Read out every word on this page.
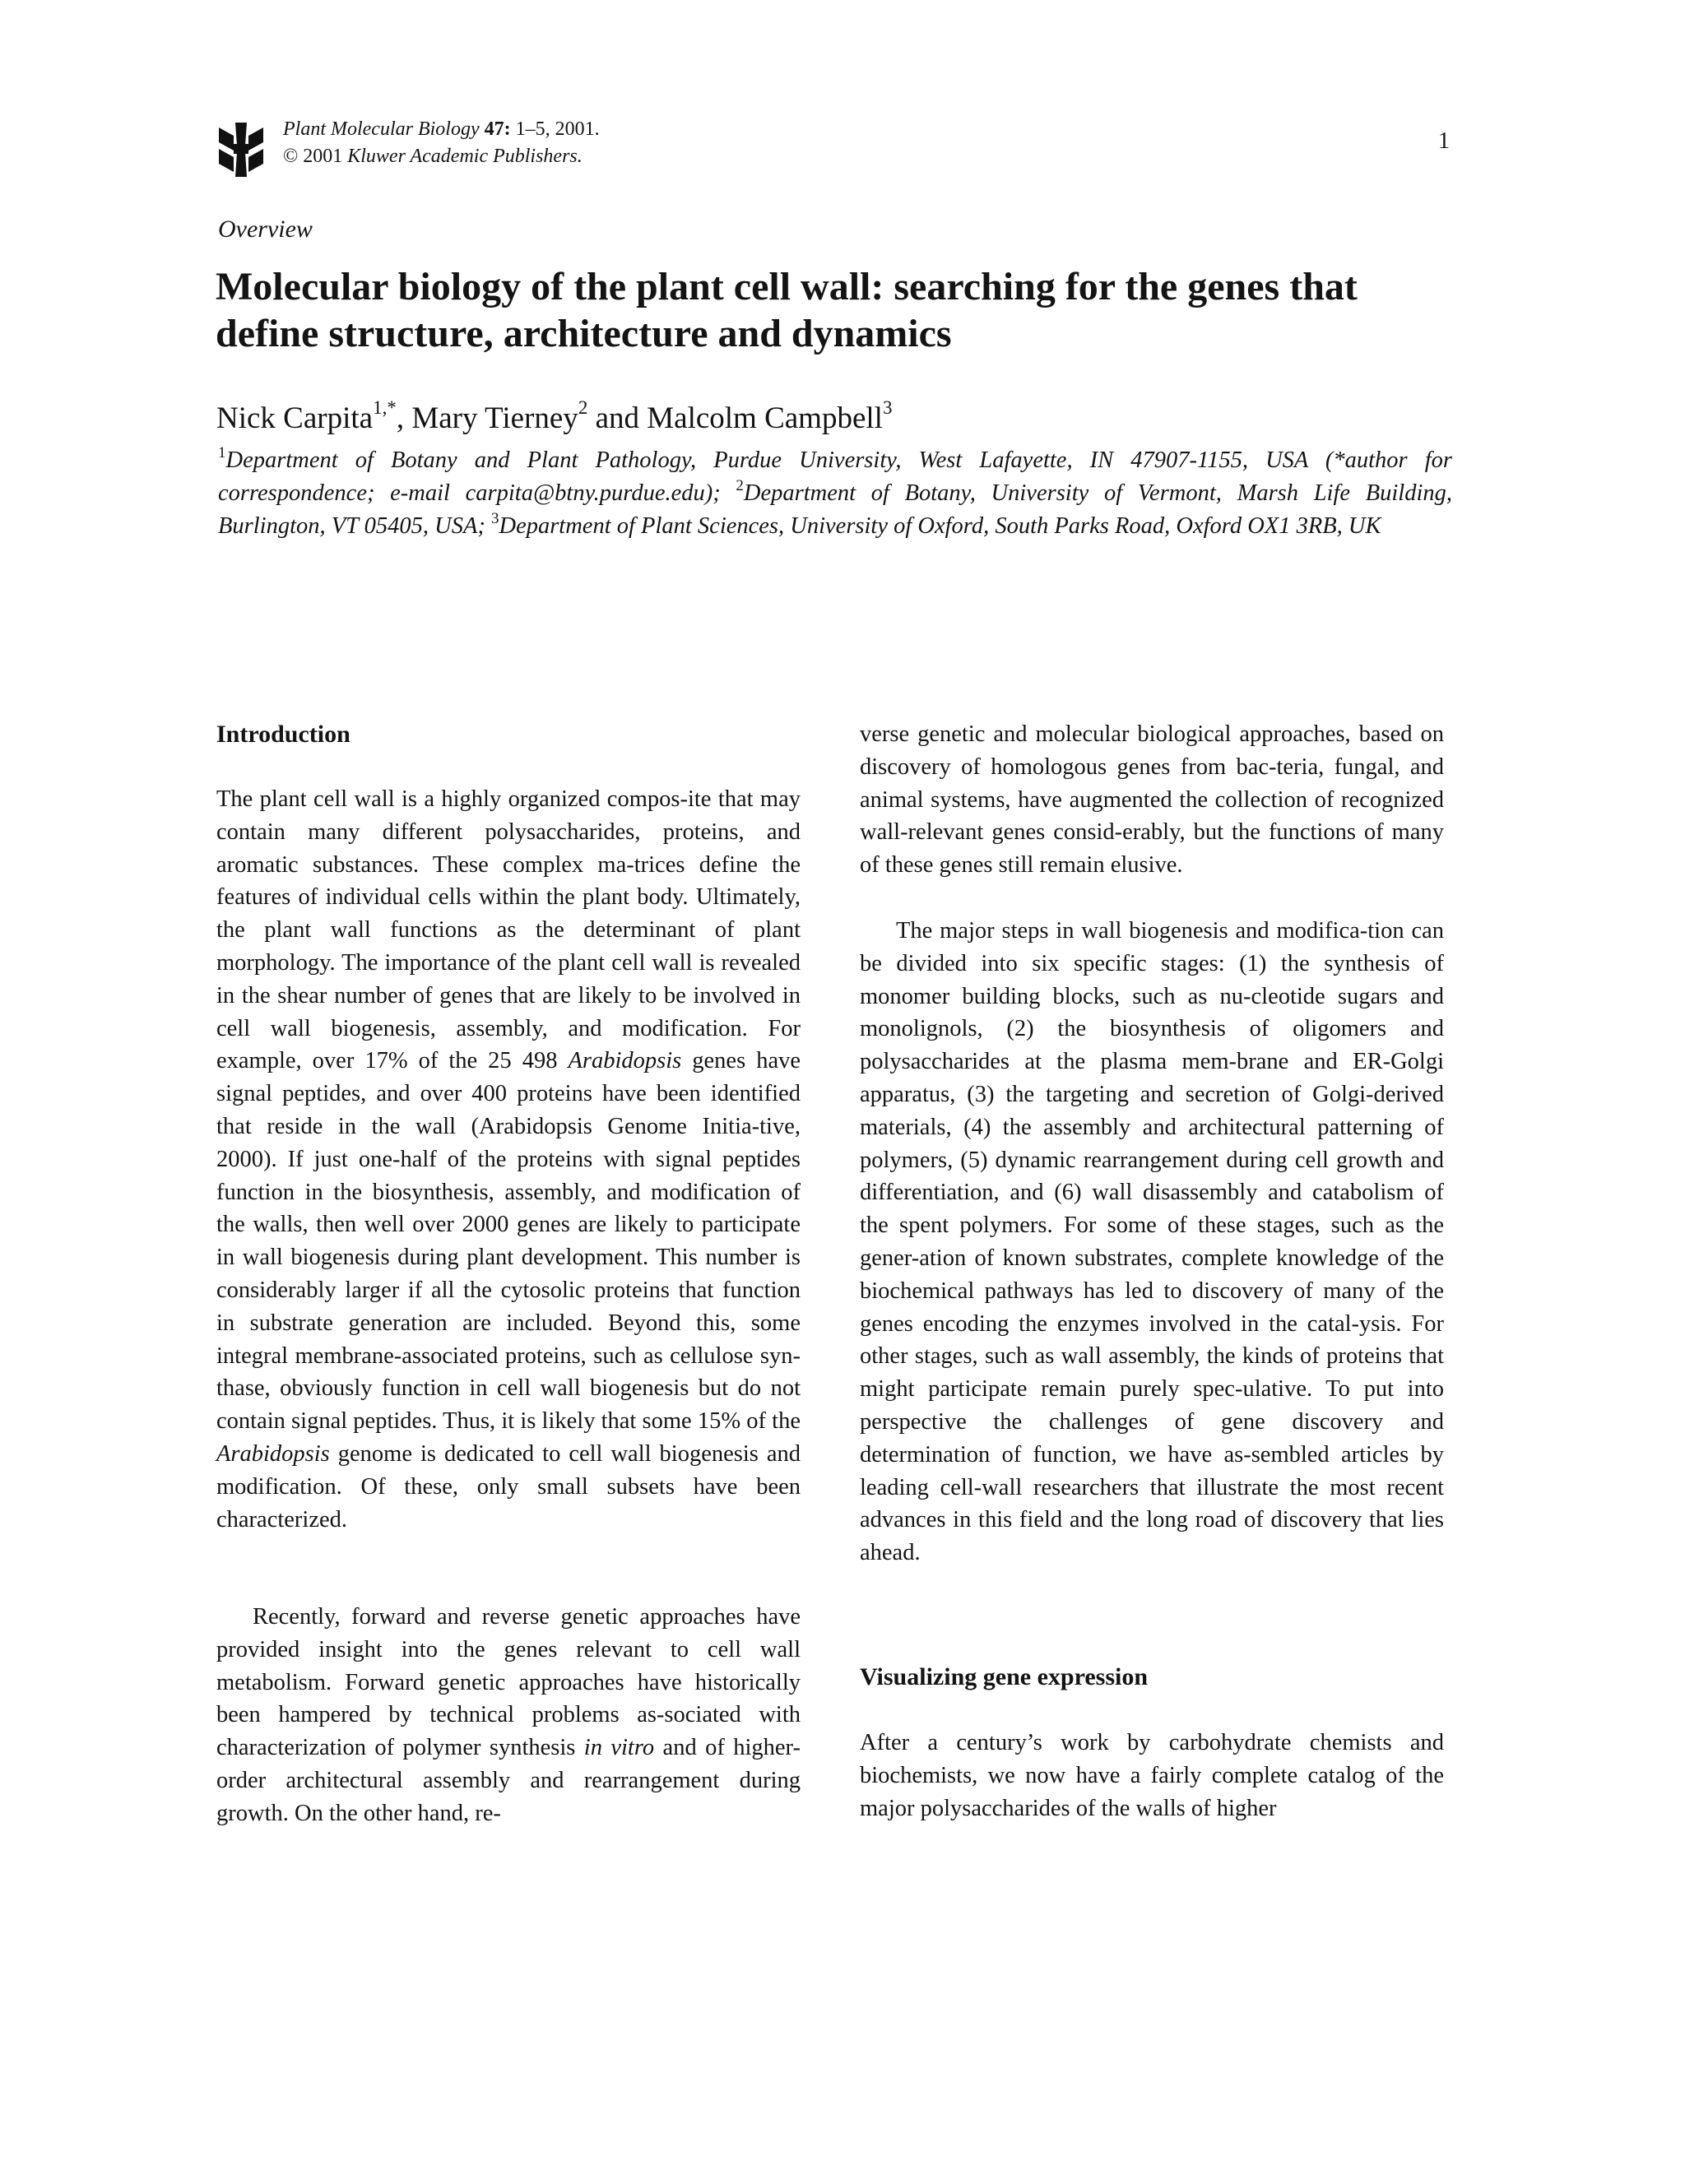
Plant Molecular Biology 47: 1–5, 2001.
© 2001 Kluwer Academic Publishers.
1
Overview
Molecular biology of the plant cell wall: searching for the genes that define structure, architecture and dynamics

Nick Carpita$^{1,*}$, Mary Tierney$^2$ and Malcolm Campbell$^3$

$^1$Department of Botany and Plant Pathology, Purdue University, West Lafayette, IN 47907-1155, USA (*author for correspondence; e-mail carpita@btny.purdue.edu); $^2$Department of Botany, University of Vermont, Marsh Life Building, Burlington, VT 05405, USA; $^3$Department of Plant Sciences, University of Oxford, South Parks Road, Oxford OX1 3RB, UK

Introduction

The plant cell wall is a highly organized compos-ite that may contain many different polysaccharides, proteins, and aromatic substances. These complex ma-trices define the features of individual cells within the plant body. Ultimately, the plant wall functions as the determinant of plant morphology. The importance of the plant cell wall is revealed in the shear number of genes that are likely to be involved in cell wall biogenesis, assembly, and modification. For example, over 17% of the 25 498 Arabidopsis genes have signal peptides, and over 400 proteins have been identified that reside in the wall (Arabidopsis Genome Initia-tive, 2000). If just one-half of the proteins with signal peptides function in the biosynthesis, assembly, and modification of the walls, then well over 2000 genes are likely to participate in wall biogenesis during plant development. This number is considerably larger if all the cytosolic proteins that function in substrate generation are included. Beyond this, some integral membrane-associated proteins, such as cellulose syn-thase, obviously function in cell wall biogenesis but do not contain signal peptides. Thus, it is likely that some 15% of the Arabidopsis genome is dedicated to cell wall biogenesis and modification. Of these, only small subsets have been characterized.

Recently, forward and reverse genetic approaches have provided insight into the genes relevant to cell wall metabolism. Forward genetic approaches have historically been hampered by technical problems as-sociated with characterization of polymer synthesis in vitro and of higher-order architectural assembly and rearrangement during growth. On the other hand, re-

verse genetic and molecular biological approaches, based on discovery of homologous genes from bac-teria, fungal, and animal systems, have augmented the collection of recognized wall-relevant genes consid-erably, but the functions of many of these genes still remain elusive.

The major steps in wall biogenesis and modifica-tion can be divided into six specific stages: (1) the synthesis of monomer building blocks, such as nu-cleotide sugars and monolignols, (2) the biosynthesis of oligomers and polysaccharides at the plasma mem-brane and ER-Golgi apparatus, (3) the targeting and secretion of Golgi-derived materials, (4) the assembly and architectural patterning of polymers, (5) dynamic rearrangement during cell growth and differentiation, and (6) wall disassembly and catabolism of the spent polymers. For some of these stages, such as the gener-ation of known substrates, complete knowledge of the biochemical pathways has led to discovery of many of the genes encoding the enzymes involved in the catal-ysis. For other stages, such as wall assembly, the kinds of proteins that might participate remain purely spec-ulative. To put into perspective the challenges of gene discovery and determination of function, we have as-sembled articles by leading cell-wall researchers that illustrate the most recent advances in this field and the long road of discovery that lies ahead.

Visualizing gene expression

After a century’s work by carbohydrate chemists and biochemists, we now have a fairly complete catalog of the major polysaccharides of the walls of higher
